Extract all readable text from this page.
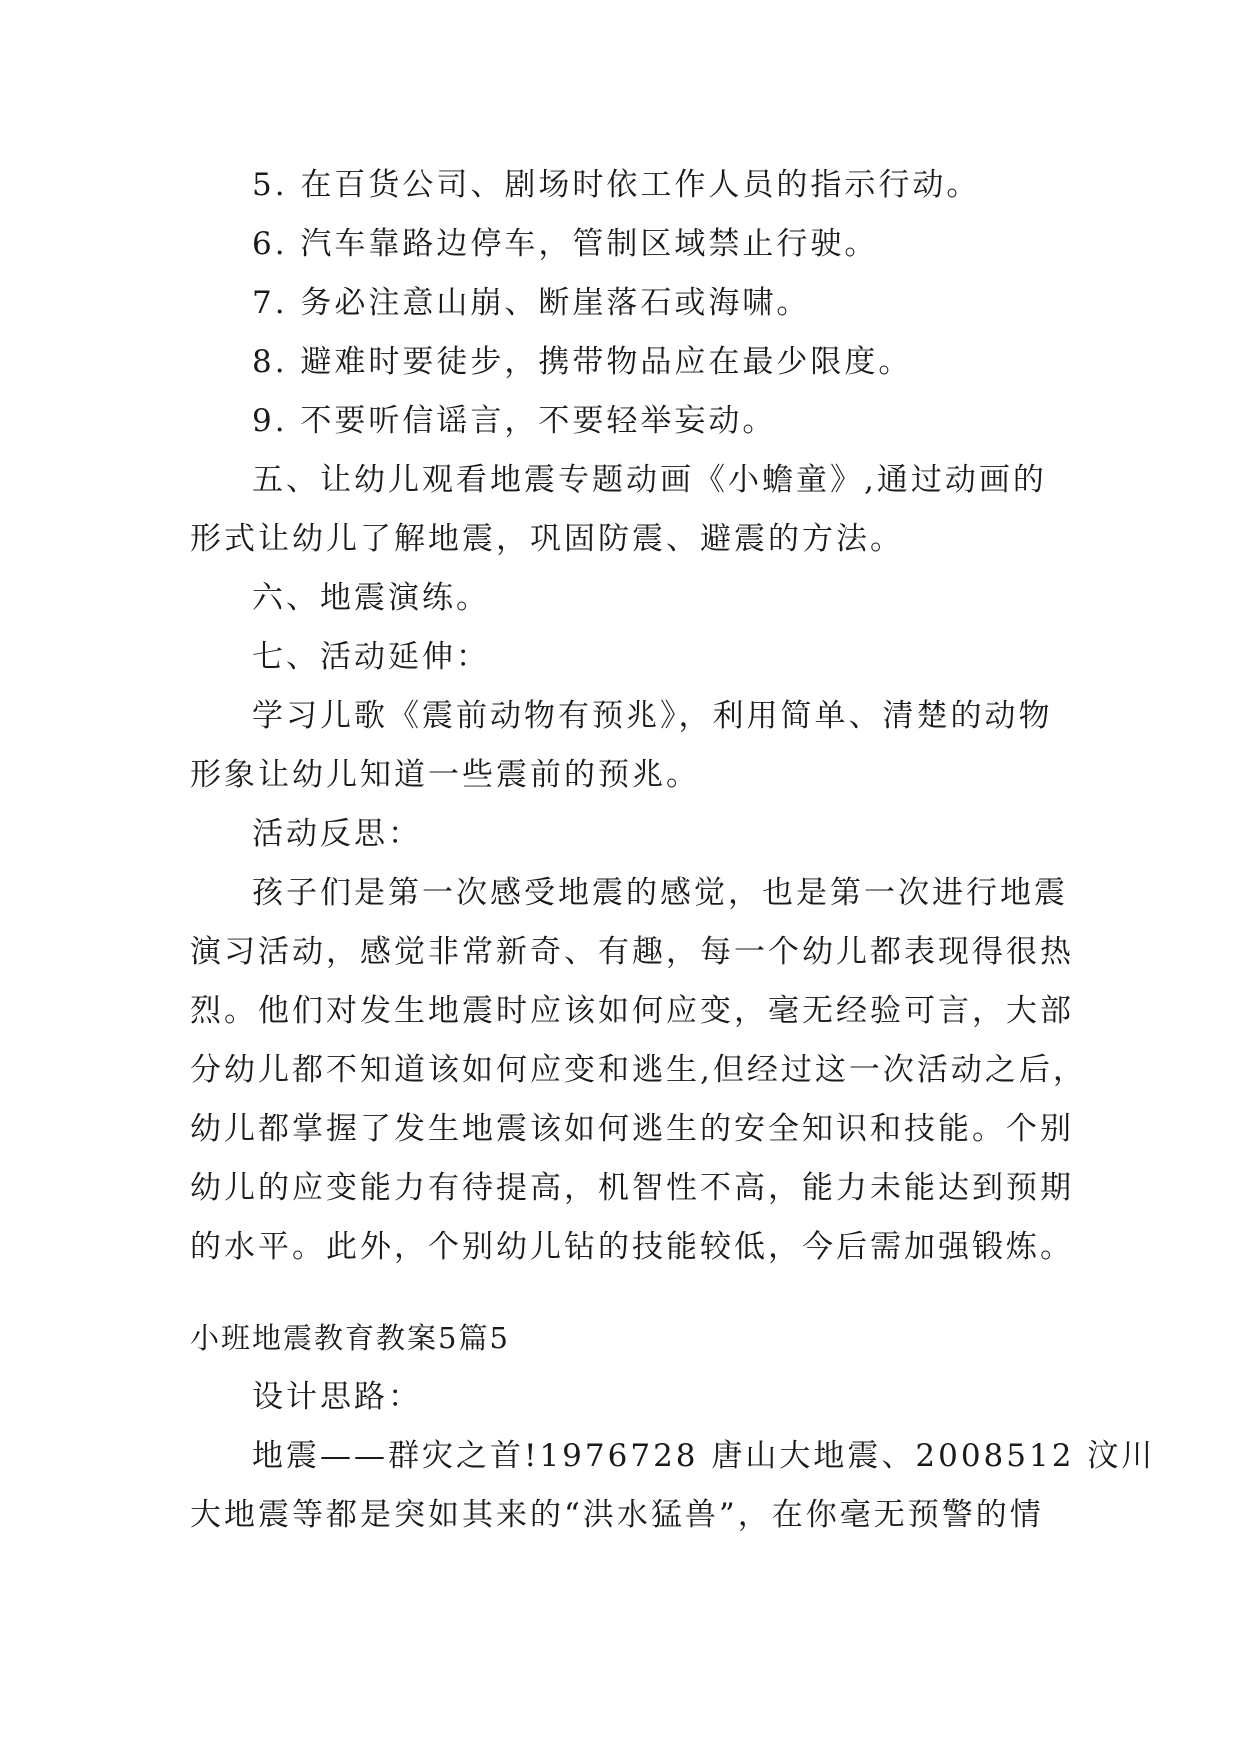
5. 在百货公司、剧场时依工作人员的指示行动。
6. 汽车靠路边停车，管制区域禁止行驶。
7. 务必注意山崩、断崖落石或海啸。
8. 避难时要徒步，携带物品应在最少限度。
9. 不要听信谣言，不要轻举妄动。
五、让幼儿观看地震专题动画《小蟾童》,通过动画的
形式让幼儿了解地震，巩固防震、避震的方法。
六、地震演练。
七、活动延伸：
学习儿歌《震前动物有预兆》，利用简单、清楚的动物
形象让幼儿知道一些震前的预兆。
活动反思：
孩子们是第一次感受地震的感觉，也是第一次进行地震
演习活动，感觉非常新奇、有趣，每一个幼儿都表现得很热
烈。他们对发生地震时应该如何应变，毫无经验可言，大部
分幼儿都不知道该如何应变和逃生,但经过这一次活动之后，
幼儿都掌握了发生地震该如何逃生的安全知识和技能。个别
幼儿的应变能力有待提高，机智性不高，能力未能达到预期
的水平。此外，个别幼儿钻的技能较低，今后需加强锻炼。
小班地震教育教案5篇5
设计思路：
地震——群灾之首!1976728 唐山大地震、2008512 汶川
大地震等都是突如其来的“洪水猛兽”，在你毫无预警的情
